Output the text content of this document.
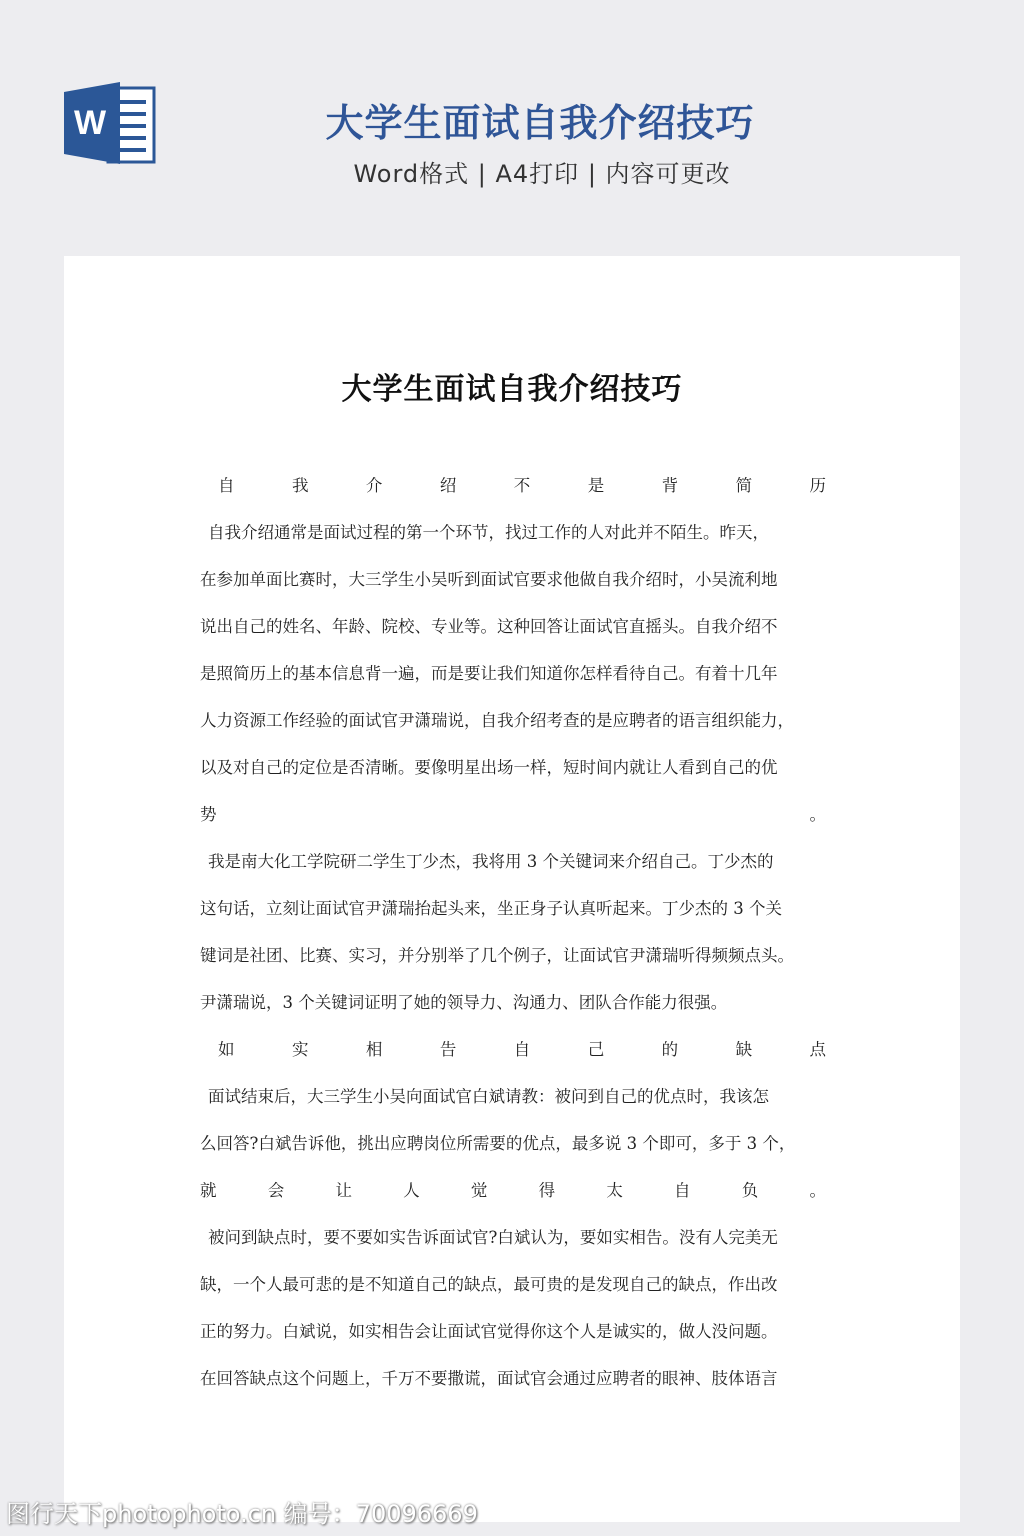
W	大学生面试自我介绍技巧
Word格式 | A4打印 | 内容可更改
大学生面试自我介绍技巧
自	我	介	绍	不	是	背	简	历
自我介绍通常是面试过程的第一个环节，找过工作的人对此并不陌生。昨天，
在参加单面比赛时，大三学生小吴听到面试官要求他做自我介绍时，小吴流利地
说出自己的姓名、年龄、院校、专业等。这种回答让面试官直摇头。自我介绍不
是照简历上的基本信息背一遍，而是要让我们知道你怎样看待自己。有着十几年
人力资源工作经验的面试官尹潇瑞说，自我介绍考查的是应聘者的语言组织能力，
以及对自己的定位是否清晰。要像明星出场一样，短时间内就让人看到自己的优
势	。
我是南大化工学院研二学生丁少杰，我将用 3 个关键词来介绍自己。丁少杰的
这句话，立刻让面试官尹潇瑞抬起头来，坐正身子认真听起来。丁少杰的 3 个关
键词是社团、比赛、实习，并分别举了几个例子，让面试官尹潇瑞听得频频点头。
尹潇瑞说，3 个关键词证明了她的领导力、沟通力、团队合作能力很强。
如	实	相	告	自	己	的	缺	点
面试结束后，大三学生小吴向面试官白斌请教：被问到自己的优点时，我该怎
么回答?白斌告诉他，挑出应聘岗位所需要的优点，最多说 3 个即可，多于 3 个，
就	会	让	人	觉	得	太	自	负	。
被问到缺点时，要不要如实告诉面试官?白斌认为，要如实相告。没有人完美无
缺，一个人最可悲的是不知道自己的缺点，最可贵的是发现自己的缺点，作出改
正的努力。白斌说，如实相告会让面试官觉得你这个人是诚实的，做人没问题。
在回答缺点这个问题上，千万不要撒谎，面试官会通过应聘者的眼神、肢体语言
图行天下photophoto.cn 编号：70096669
